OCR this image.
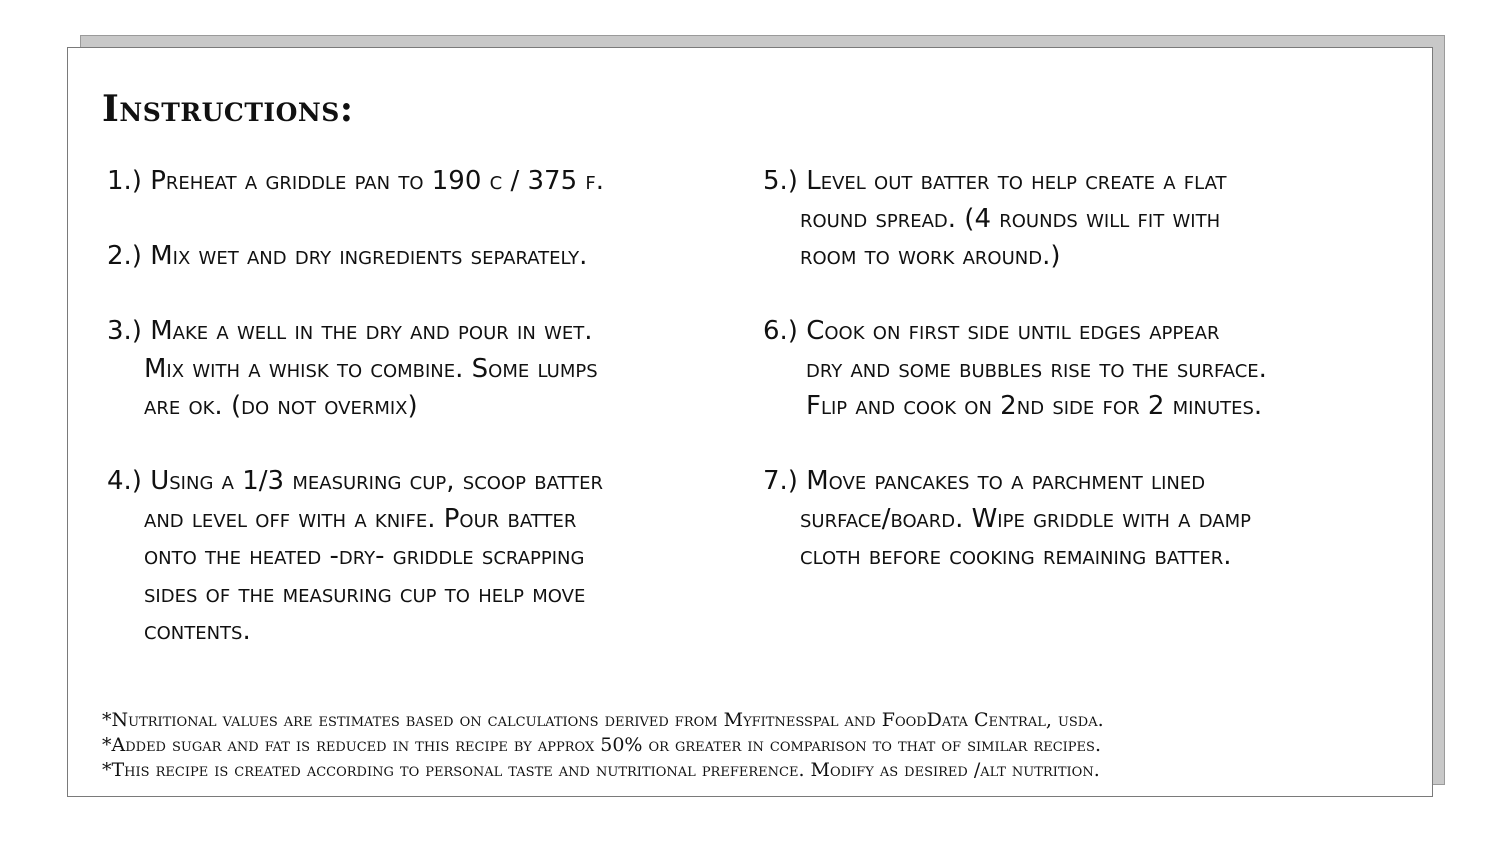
Instructions:
1.) Preheat a griddle pan to 190 c / 375 f.
2.) Mix wet and dry ingredients separately.
3.) Make a well in the dry and pour in wet.
Mix with a whisk to combine. Some lumps
are ok. (do not overmix)
4.) Using a 1/3 measuring cup, scoop batter
and level off with a knife. Pour batter
onto the heated -dry- griddle scrapping
sides of the measuring cup to help move
contents.
5.) Level out batter to help create a flat
round spread. (4 rounds will fit with
room to work around.)
6.) Cook on first side until edges appear
dry and some bubbles rise to the surface.
Flip and cook on 2nd side for 2 minutes.
7.) Move pancakes to a parchment lined
surface/board. Wipe griddle with a damp
cloth before cooking remaining batter.
*Nutritional values are estimates based on calculations derived from Myfitnesspal and FoodData Central, usda.
*Added sugar and fat is reduced in this recipe by approx 50% or greater in comparison to that of similar recipes.
*This recipe is created according to personal taste and nutritional preference. Modify as desired /alt nutrition.
